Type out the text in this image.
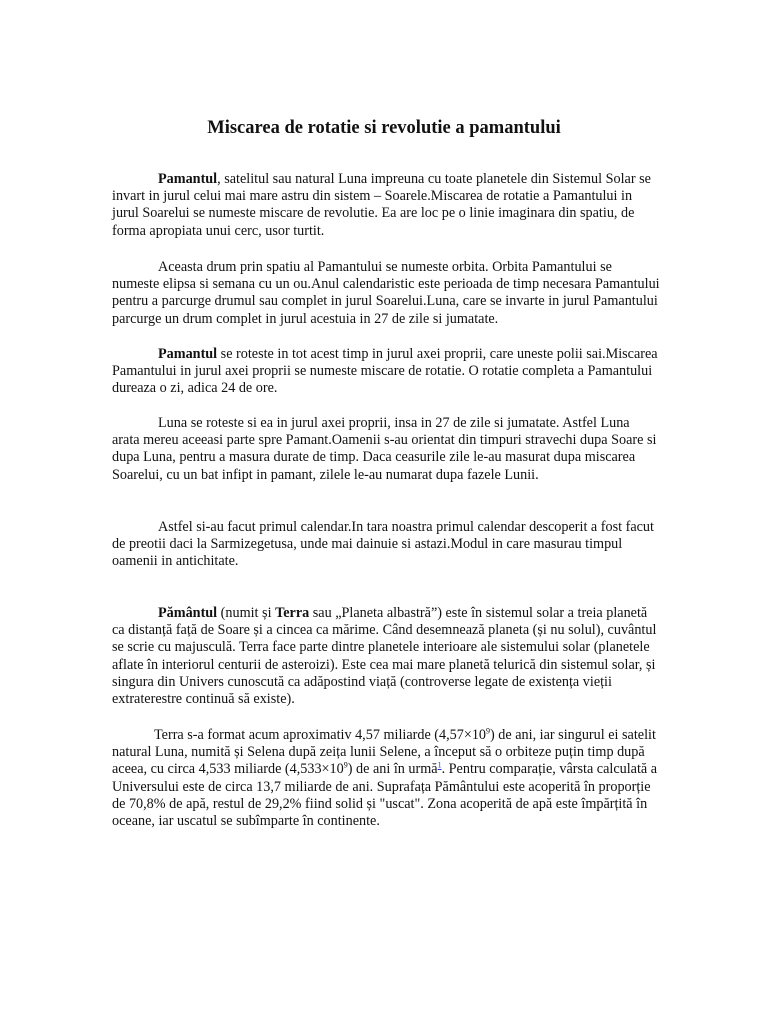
Miscarea de rotatie si revolutie a pamantului

Pamantul, satelitul sau natural Luna impreuna cu toate planetele din Sistemul Solar se invart in jurul celui mai mare astru din sistem – Soarele.Miscarea de rotatie a Pamantului in jurul Soarelui se numeste miscare de revolutie. Ea are loc pe o linie imaginara din spatiu, de forma apropiata unui cerc, usor turtit.

Aceasta drum prin spatiu al Pamantului se numeste orbita. Orbita Pamantului se numeste elipsa si semana cu un ou.Anul calendaristic este perioada de timp necesara Pamantului pentru a parcurge drumul sau complet in jurul Soarelui.Luna, care se invarte in jurul Pamantului parcurge un drum complet in jurul acestuia in 27 de zile si jumatate.

Pamantul se roteste in tot acest timp in jurul axei proprii, care uneste polii sai.Miscarea Pamantului in jurul axei proprii se numeste miscare de rotatie. O rotatie completa a Pamantului dureaza o zi, adica 24 de ore.

Luna se roteste si ea in jurul axei proprii, insa in 27 de zile si jumatate. Astfel Luna arata mereu aceeasi parte spre Pamant.Oamenii s-au orientat din timpuri stravechi dupa Soare si dupa Luna, pentru a masura durate de timp. Daca ceasurile zile le-au masurat dupa miscarea Soarelui, cu un bat infipt in pamant, zilele le-au numarat dupa fazele Lunii.

Astfel si-au facut primul calendar.In tara noastra primul calendar descoperit a fost facut de preotii daci la Sarmizegetusa, unde mai dainuie si astazi.Modul in care masurau timpul oamenii in antichitate.

Pământul (numit și Terra sau „Planeta albastră”) este în sistemul solar a treia planetă ca distanță față de Soare și a cincea ca mărime. Când desemnează planeta (și nu solul), cuvântul se scrie cu majusculă. Terra face parte dintre planetele interioare ale sistemului solar (planetele aflate în interiorul centurii de asteroizi). Este cea mai mare planetă telurică din sistemul solar, și singura din Univers cunoscută ca adăpostind viață (controverse legate de existența vieții extraterestre continuă să existe).

Terra s-a format acum aproximativ 4,57 miliarde $(4,57\times 10^9)$ de ani, iar singurul ei satelit natural Luna, numită și Selena după zeița lunii Selene, a început să o orbiteze puțin timp după aceea, cu circa 4,533 miliarde $(4,533\times 10^9)$ de ani în urmă$^1$. Pentru comparație, vârsta calculată a Universului este de circa 13,7 miliarde de ani. Suprafața Pământului este acoperită în proporție de 70,8% de apă, restul de 29,2% fiind solid și "uscat". Zona acoperită de apă este împărțită în oceane, iar uscatul se subîmparte în continente.
